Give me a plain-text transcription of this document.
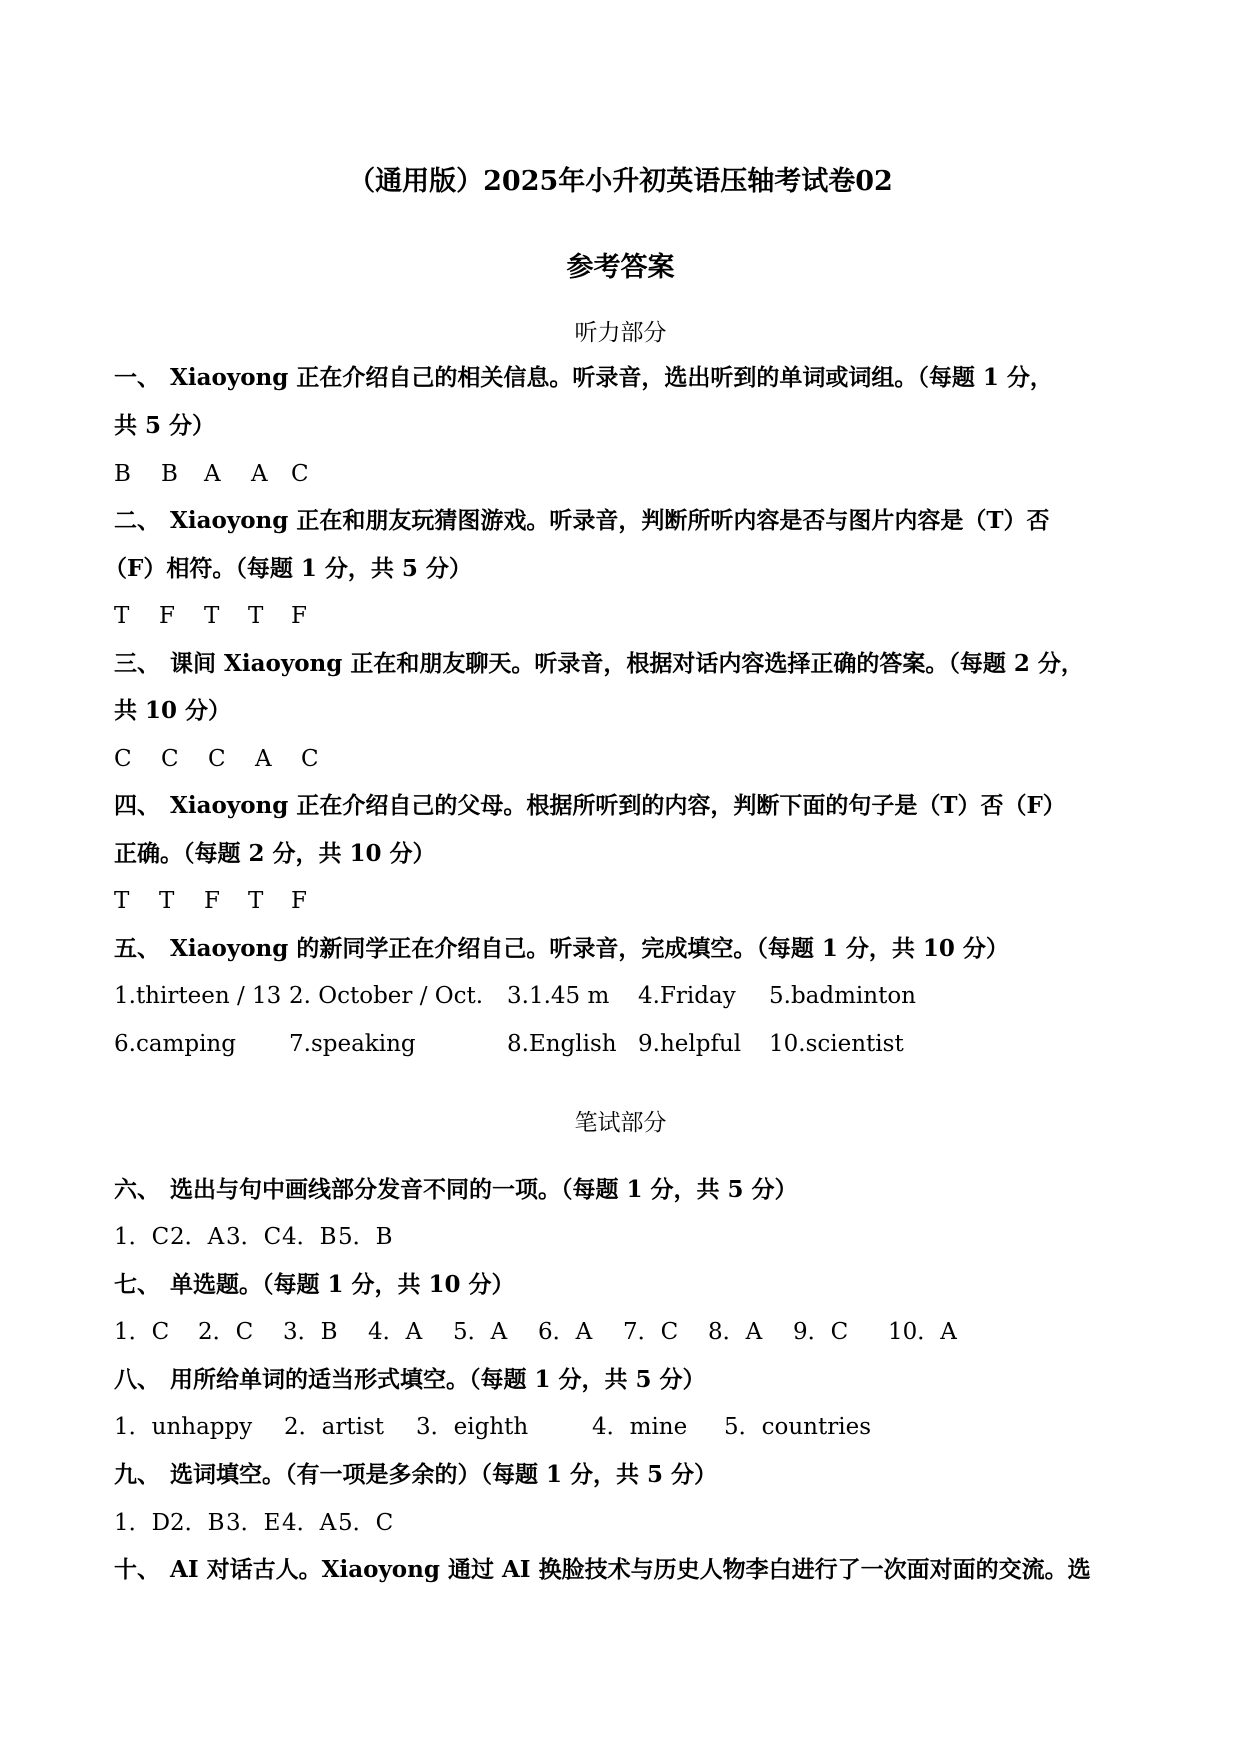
（通用版）2025年小升初英语压轴考试卷02
参考答案
听力部分
一、 Xiaoyong 正在介绍自己的相关信息。听录音，选出听到的单词或词组。（每题 1 分，
共 5 分）
B B A A C
二、 Xiaoyong 正在和朋友玩猜图游戏。听录音，判断所听内容是否与图片内容是（T）否
（F）相符。（每题 1 分，共 5 分）
T F T T F
三、 课间 Xiaoyong 正在和朋友聊天。听录音，根据对话内容选择正确的答案。（每题 2 分，
共 10 分）
C C C A C
四、 Xiaoyong 正在介绍自己的父母。根据所听到的内容，判断下面的句子是（T）否（F）
正确。（每题 2 分，共 10 分）
T T F T F
五、 Xiaoyong 的新同学正在介绍自己。听录音，完成填空。（每题 1 分，共 10 分）
1.thirteen / 13 2. October / Oct. 3.1.45 m 4.Friday 5.badminton
6.camping 7.speaking	8.English 9.helpful 10.scientist
笔试部分
六、 选出与句中画线部分发音不同的一项。（每题 1 分，共 5 分）
1．C2．A3．C4．B5．B
七、 单选题。（每题 1 分，共 10 分）
1．C 2．C 3．B 4．A 5．A 6．A 7．C 8．A 9．C 10．A
八、 用所给单词的适当形式填空。（每题 1 分，共 5 分）
1．unhappy 2．artist 3．eighth	4．mine 5．countries
九、 选词填空。（有一项是多余的）（每题 1 分，共 5 分）
1．D2．B3．E4．A5．C
十、 AI 对话古人。Xiaoyong 通过 AI 换脸技术与历史人物李白进行了一次面对面的交流。选
